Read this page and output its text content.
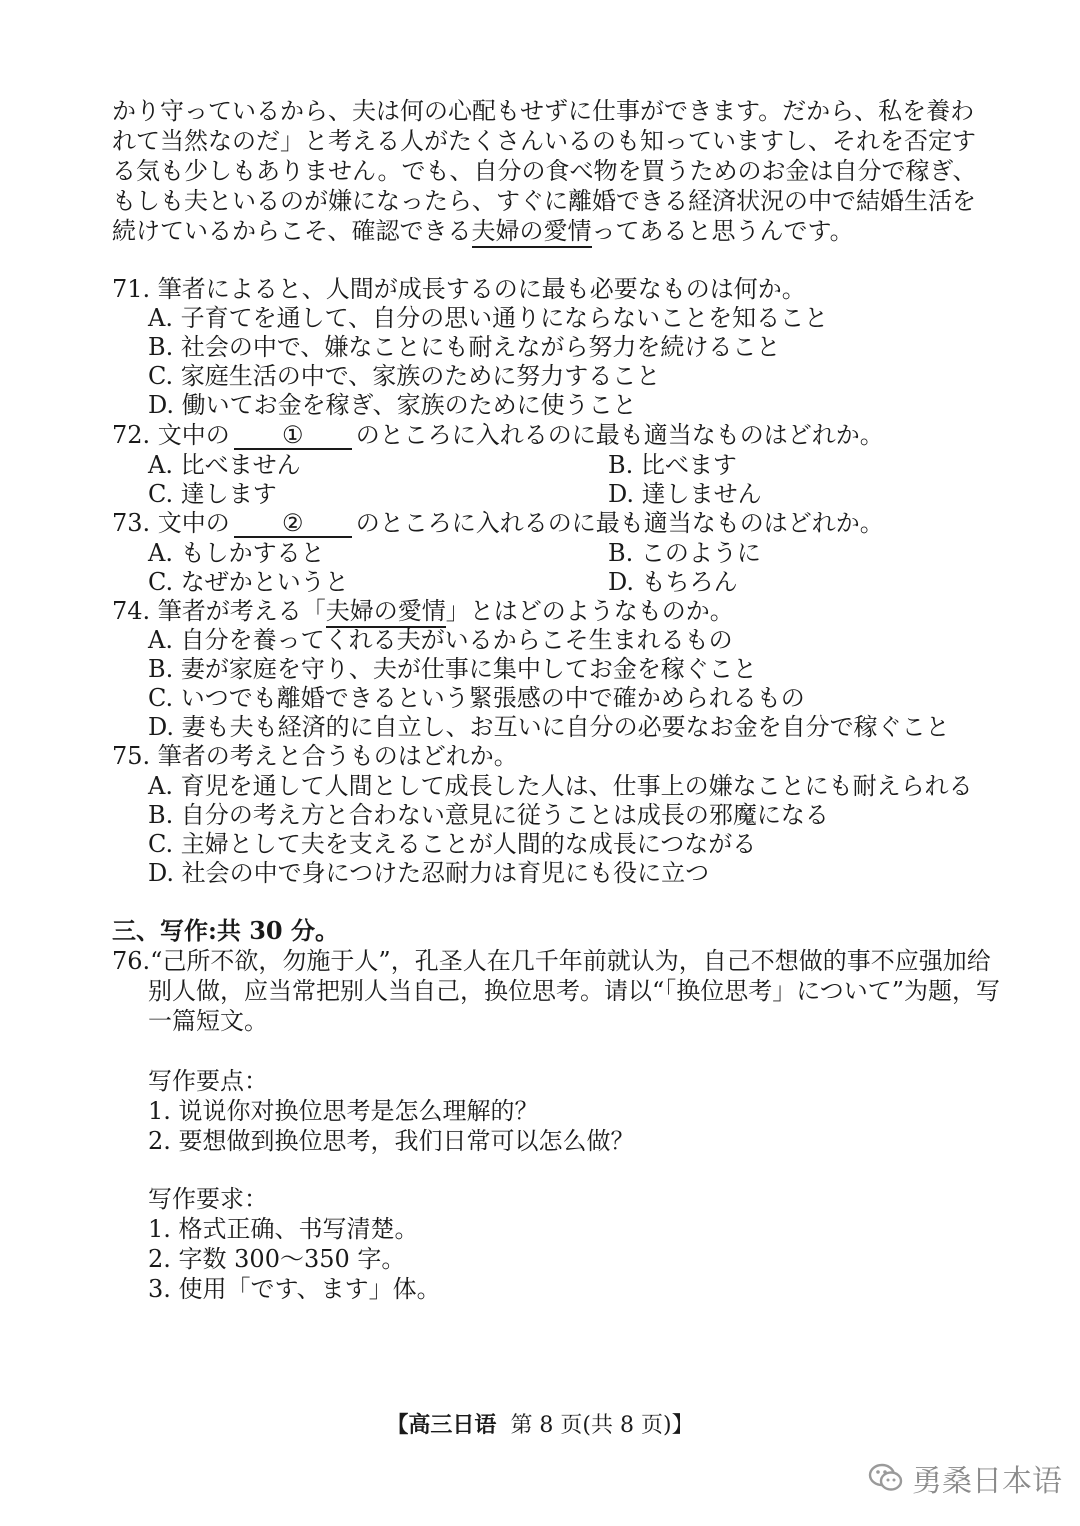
かり守っているから、夫は何の心配もせずに仕事ができます。だから、私を養わ
れて当然なのだ」と考える人がたくさんいるのも知っていますし、それを否定す
る気も少しもありません。でも、自分の食べ物を買うためのお金は自分で稼ぎ、
もしも夫といるのが嫌になったら、すぐに離婚できる経済状況の中で結婚生活を
続けているからこそ、確認できる夫婦の愛情ってあると思うんです。
71. 筆者によると、人間が成長するのに最も必要なものは何か。
A. 子育てを通して、自分の思い通りにならないことを知ること
B. 社会の中で、嫌なことにも耐えながら努力を続けること
C. 家庭生活の中で、家族のために努力すること
D. 働いてお金を稼ぎ、家族のために使うこと
72. 文中の ① のところに入れるのに最も適当なものはどれか。
A. 比べません	B. 比べます
C. 達します	D. 達しません
73. 文中の ② のところに入れるのに最も適当なものはどれか。
A. もしかすると	B. このように
C. なぜかというと	D. もちろん
74. 筆者が考える「夫婦の愛情」とはどのようなものか。
A. 自分を養ってくれる夫がいるからこそ生まれるもの
B. 妻が家庭を守り、夫が仕事に集中してお金を稼ぐこと
C. いつでも離婚できるという緊張感の中で確かめられるもの
D. 妻も夫も経済的に自立し、お互いに自分の必要なお金を自分で稼ぐこと
75. 筆者の考えと合うものはどれか。
A. 育児を通して人間として成長した人は、仕事上の嫌なことにも耐えられる
B. 自分の考え方と合わない意見に従うことは成長の邪魔になる
C. 主婦として夫を支えることが人間的な成長につながる
D. 社会の中で身につけた忍耐力は育児にも役に立つ
三、写作:共 30 分。
76.“己所不欲，勿施于人”，孔圣人在几千年前就认为，自己不想做的事不应强加给
别人做，应当常把别人当自己，换位思考。请以“「换位思考」について”为题，写
一篇短文。
写作要点：
1. 说说你对换位思考是怎么理解的？
2. 要想做到换位思考，我们日常可以怎么做？
写作要求：
1. 格式正确、书写清楚。
2. 字数 300～350 字。
3. 使用「です、ます」体。
【高三日语 第 8 页(共 8 页)】
勇桑日本语
